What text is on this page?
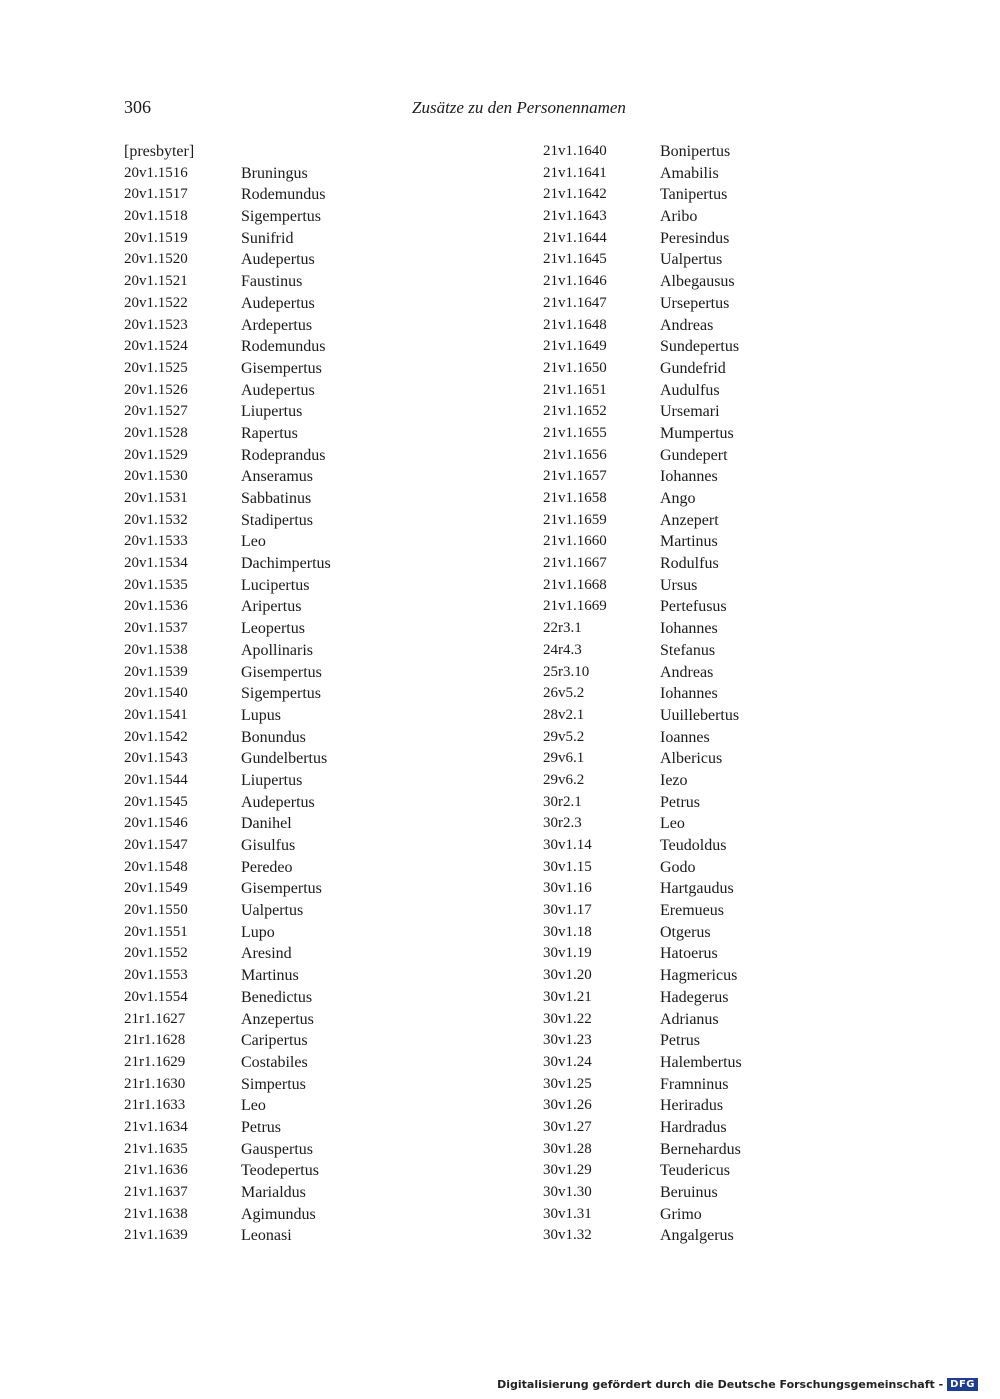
306	Zusätze zu den Personennamen
[presbyter]
20v1.1516	Bruningus
20v1.1517	Rodemundus
20v1.1518	Sigempertus
20v1.1519	Sunifrid
20v1.1520	Audepertus
20v1.1521	Faustinus
20v1.1522	Audepertus
20v1.1523	Ardepertus
20v1.1524	Rodemundus
20v1.1525	Gisempertus
20v1.1526	Audepertus
20v1.1527	Liupertus
20v1.1528	Rapertus
20v1.1529	Rodeprandus
20v1.1530	Anseramus
20v1.1531	Sabbatinus
20v1.1532	Stadipertus
20v1.1533	Leo
20v1.1534	Dachimpertus
20v1.1535	Lucipertus
20v1.1536	Aripertus
20v1.1537	Leopertus
20v1.1538	Apollinaris
20v1.1539	Gisempertus
20v1.1540	Sigempertus
20v1.1541	Lupus
20v1.1542	Bonundus
20v1.1543	Gundelbertus
20v1.1544	Liupertus
20v1.1545	Audepertus
20v1.1546	Danihel
20v1.1547	Gisulfus
20v1.1548	Peredeo
20v1.1549	Gisempertus
20v1.1550	Ualpertus
20v1.1551	Lupo
20v1.1552	Aresind
20v1.1553	Martinus
20v1.1554	Benedictus
21r1.1627	Anzepertus
21r1.1628	Caripertus
21r1.1629	Costabiles
21r1.1630	Simpertus
21r1.1633	Leo
21v1.1634	Petrus
21v1.1635	Gauspertus
21v1.1636	Teodepertus
21v1.1637	Marialdus
21v1.1638	Agimundus
21v1.1639	Leonasi
21v1.1640	Bonipertus
21v1.1641	Amabilis
21v1.1642	Tanipertus
21v1.1643	Aribo
21v1.1644	Peresindus
21v1.1645	Ualpertus
21v1.1646	Albegausus
21v1.1647	Ursepertus
21v1.1648	Andreas
21v1.1649	Sundepertus
21v1.1650	Gundefrid
21v1.1651	Audulfus
21v1.1652	Ursemari
21v1.1655	Mumpertus
21v1.1656	Gundepert
21v1.1657	Iohannes
21v1.1658	Ango
21v1.1659	Anzepert
21v1.1660	Martinus
21v1.1667	Rodulfus
21v1.1668	Ursus
21v1.1669	Pertefusus
22r3.1	Iohannes
24r4.3	Stefanus
25r3.10	Andreas
26v5.2	Iohannes
28v2.1	Uuillebertus
29v5.2	Ioannes
29v6.1	Albericus
29v6.2	Iezo
30r2.1	Petrus
30r2.3	Leo
30v1.14	Teudoldus
30v1.15	Godo
30v1.16	Hartgaudus
30v1.17	Eremueus
30v1.18	Otgerus
30v1.19	Hatoerus
30v1.20	Hagmericus
30v1.21	Hadegerus
30v1.22	Adrianus
30v1.23	Petrus
30v1.24	Halembertus
30v1.25	Framninus
30v1.26	Heriradus
30v1.27	Hardradus
30v1.28	Bernehardus
30v1.29	Teudericus
30v1.30	Beruinus
30v1.31	Grimo
30v1.32	Angalgerus
Digitalisierung gefördert durch die Deutsche Forschungsgemeinschaft - DFG
